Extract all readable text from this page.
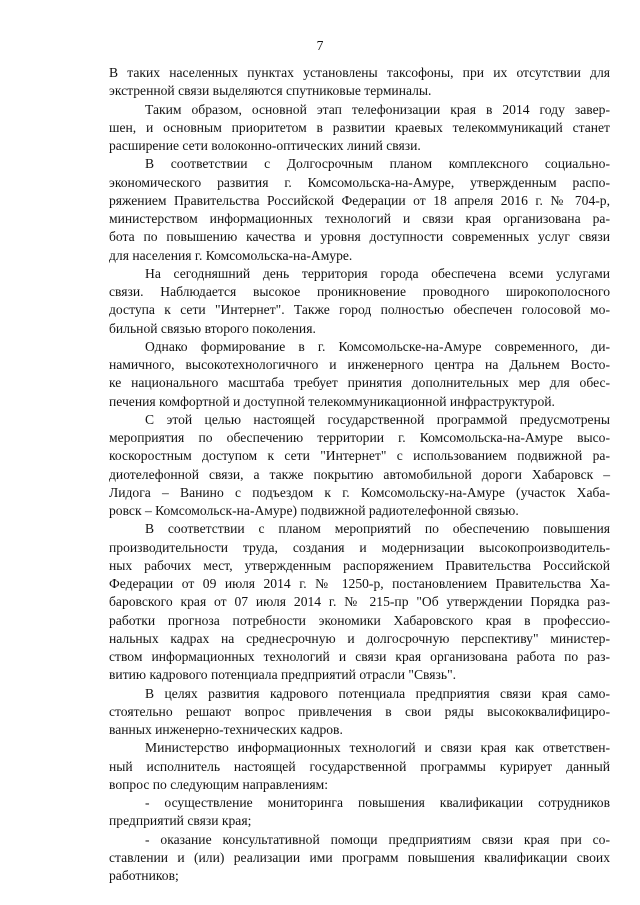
7
В таких населенных пунктах установлены таксофоны, при их отсутствии для
экстренной связи выделяются спутниковые терминалы.
Таким образом, основной этап телефонизации края в 2014 году завер-
шен, и основным приоритетом в развитии краевых телекоммуникаций станет
расширение сети волоконно-оптических линий связи.
В соответствии с Долгосрочным планом комплексного социально-
экономического развития г. Комсомольска-на-Амуре, утвержденным распо-
ряжением Правительства Российской Федерации от 18 апреля 2016 г. № 704-р,
министерством информационных технологий и связи края организована ра-
бота по повышению качества и уровня доступности современных услуг связи
для населения г. Комсомольска-на-Амуре.
На сегодняшний день территория города обеспечена всеми услугами
связи. Наблюдается высокое проникновение проводного широкополосного
доступа к сети "Интернет". Также город полностью обеспечен голосовой мо-
бильной связью второго поколения.
Однако формирование в г. Комсомольске-на-Амуре современного, ди-
намичного, высокотехнологичного и инженерного центра на Дальнем Восто-
ке национального масштаба требует принятия дополнительных мер для обес-
печения комфортной и доступной телекоммуникационной инфраструктурой.
С этой целью настоящей государственной программой предусмотрены
мероприятия по обеспечению территории г. Комсомольска-на-Амуре высо-
коскоростным доступом к сети "Интернет" с использованием подвижной ра-
диотелефонной связи, а также покрытию автомобильной дороги Хабаровск –
Лидога – Ванино с подъездом к г. Комсомольску-на-Амуре (участок Хаба-
ровск – Комсомольск-на-Амуре) подвижной радиотелефонной связью.
В соответствии с планом мероприятий по обеспечению повышения
производительности труда, создания и модернизации высокопроизводитель-
ных рабочих мест, утвержденным распоряжением Правительства Российской
Федерации от 09 июля 2014 г. № 1250-р, постановлением Правительства Ха-
баровского края от 07 июля 2014 г. № 215-пр "Об утверждении Порядка раз-
работки прогноза потребности экономики Хабаровского края в профессио-
нальных кадрах на среднесрочную и долгосрочную перспективу" министер-
ством информационных технологий и связи края организована работа по раз-
витию кадрового потенциала предприятий отрасли "Связь".
В целях развития кадрового потенциала предприятия связи края само-
стоятельно решают вопрос привлечения в свои ряды высококвалифициро-
ванных инженерно-технических кадров.
Министерство информационных технологий и связи края как ответствен-
ный исполнитель настоящей государственной программы курирует данный
вопрос по следующим направлениям:
- осуществление мониторинга повышения квалификации сотрудников
предприятий связи края;
- оказание консультативной помощи предприятиям связи края при со-
ставлении и (или) реализации ими программ повышения квалификации своих
работников;
